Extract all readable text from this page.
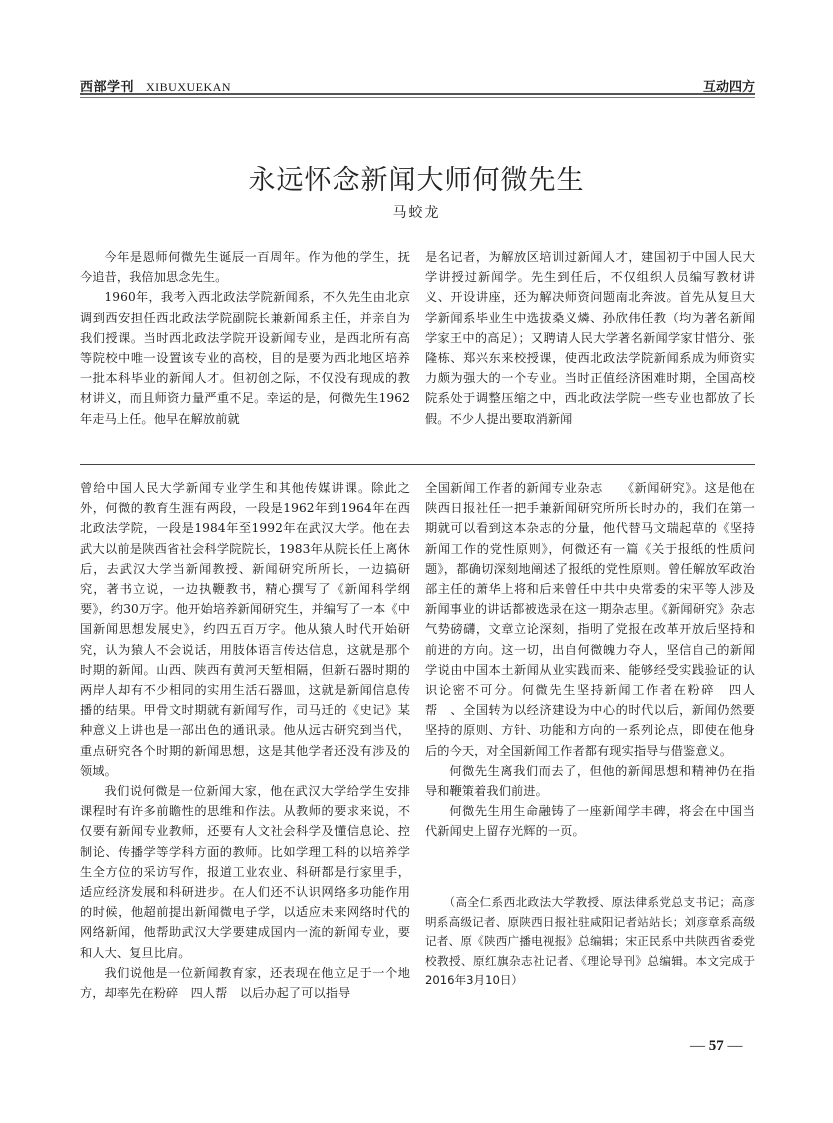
西部学刊 XIBUXUEKAN	互动四方
永远怀念新闻大师何微先生
马蛟龙

今年是恩师何微先生诞辰一百周年。作为他的学生，抚今追昔，我倍加思念先生。

1960年，我考入西北政法学院新闻系，不久先生由北京调到西安担任西北政法学院副院长兼新闻系主任，并亲自为我们授课。当时西北政法学院开设新闻专业，是西北所有高等院校中唯一设置该专业的高校，目的是要为西北地区培养一批本科毕业的新闻人才。但初创之际，不仅没有现成的教材讲义，而且师资力量严重不足。幸运的是，何微先生1962年走马上任。他早在解放前就

是名记者，为解放区培训过新闻人才，建国初于中国人民大学讲授过新闻学。先生到任后，不仅组织人员编写教材讲义、开设讲座，还为解决师资问题南北奔波。首先从复旦大学新闻系毕业生中选拔桑义燐、孙欣伟任教（均为著名新闻学家王中的高足）；又聘请人民大学著名新闻学家甘惜分、张隆栋、郑兴东来校授课，使西北政法学院新闻系成为师资实力颇为强大的一个专业。当时正值经济困难时期，全国高校院系处于调整压缩之中，西北政法学院一些专业也都放了长假。不少人提出要取消新闻

曾给中国人民大学新闻专业学生和其他传媒讲课。除此之外，何微的教育生涯有两段，一段是1962年到1964年在西北政法学院，一段是1984年至1992年在武汉大学。他在去武大以前是陕西省社会科学院院长，1983年从院长任上离休后，去武汉大学当新闻教授、新闻研究所所长，一边搞研究，著书立说，一边执鞭教书，精心撰写了《新闻科学纲要》，约30万字。他开始培养新闻研究生，并编写了一本《中国新闻思想发展史》，约四五百万字。他从猿人时代开始研究，认为猿人不会说话，用肢体语言传达信息，这就是那个时期的新闻。山西、陕西有黄河天堑相隔，但新石器时期的两岸人却有不少相同的实用生活石器皿，这就是新闻信息传播的结果。甲骨文时期就有新闻写作，司马迁的《史记》某种意义上讲也是一部出色的通讯录。他从远古研究到当代，重点研究各个时期的新闻思想，这是其他学者还没有涉及的领域。

我们说何微是一位新闻大家，他在武汉大学给学生安排课程时有许多前瞻性的思维和作法。从教师的要求来说，不仅要有新闻专业教师，还要有人文社会科学及懂信息论、控制论、传播学等学科方面的教师。比如学理工科的以培养学生全方位的采访写作，报道工业农业、科研都是行家里手，适应经济发展和科研进步。在人们还不认识网络多功能作用的时候，他超前提出新闻微电子学，以适应未来网络时代的网络新闻，他帮助武汉大学要建成国内一流的新闻专业，要和人大、复旦比肩。

我们说他是一位新闻教育家，还表现在他立足于一个地方，却率先在粉碎　四人帮　以后办起了可以指导

全国新闻工作者的新闻专业杂志　　《新闻研究》。这是他在陕西日报社任一把手兼新闻研究所所长时办的，我们在第一期就可以看到这本杂志的分量，他代替马文瑞起草的《坚持新闻工作的党性原则》，何微还有一篇《关于报纸的性质问题》，都确切深刻地阐述了报纸的党性原则。曾任解放军政治部主任的萧华上将和后来曾任中共中央常委的宋平等人涉及新闻事业的讲话都被选录在这一期杂志里。《新闻研究》杂志气势磅礴，文章立论深刻，指明了党报在改革开放后坚持和前进的方向。这一切，出自何微魄力夺人，坚信自己的新闻学说由中国本土新闻从业实践而来、能够经受实践验证的认识论密不可分。何微先生坚持新闻工作者在粉碎　四人帮　、全国转为以经济建设为中心的时代以后，新闻仍然要坚持的原则、方针、功能和方向的一系列论点，即使在他身后的今天，对全国新闻工作者都有现实指导与借鉴意义。

何微先生离我们而去了，但他的新闻思想和精神仍在指导和鞭策着我们前进。

何微先生用生命融铸了一座新闻学丰碑，将会在中国当代新闻史上留存光辉的一页。

（高全仁系西北政法大学教授、原法律系党总支书记；高彦明系高级记者、原陕西日报社驻咸阳记者站站长；刘彦章系高级记者、原《陕西广播电视报》总编辑；宋正民系中共陕西省委党校教授、原红旗杂志社记者、《理论导刊》总编辑。本文完成于2016年3月10日）

— 57 —
